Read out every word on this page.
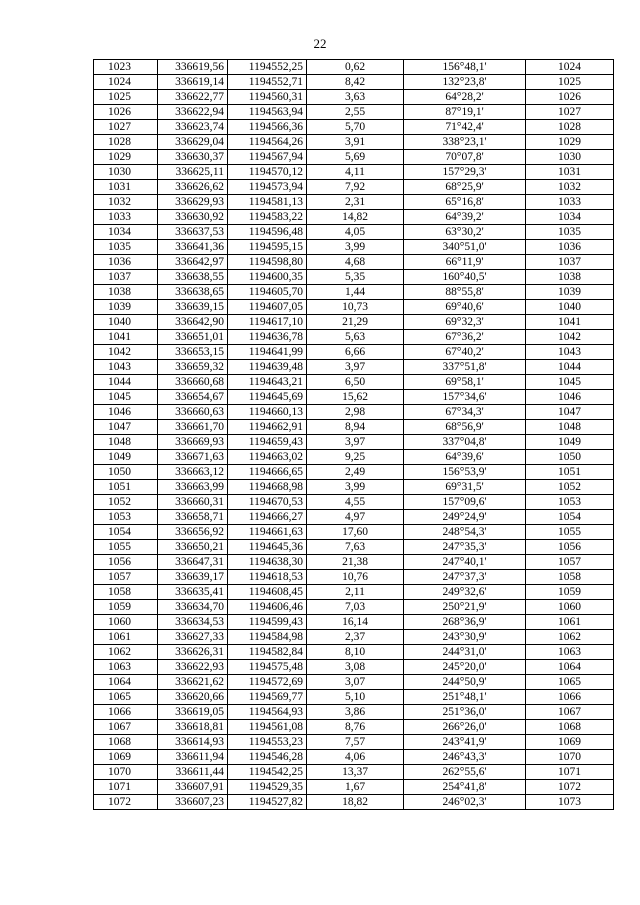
22
1023	336619,56	1194552,25	0,62	156°48,1'	1024
1024	336619,14	1194552,71	8,42	132°23,8'	1025
1025	336622,77	1194560,31	3,63	64°28,2'	1026
1026	336622,94	1194563,94	2,55	87°19,1'	1027
1027	336623,74	1194566,36	5,70	71°42,4'	1028
1028	336629,04	1194564,26	3,91	338°23,1'	1029
1029	336630,37	1194567,94	5,69	70°07,8'	1030
1030	336625,11	1194570,12	4,11	157°29,3'	1031
1031	336626,62	1194573,94	7,92	68°25,9'	1032
1032	336629,93	1194581,13	2,31	65°16,8'	1033
1033	336630,92	1194583,22	14,82	64°39,2'	1034
1034	336637,53	1194596,48	4,05	63°30,2'	1035
1035	336641,36	1194595,15	3,99	340°51,0'	1036
1036	336642,97	1194598,80	4,68	66°11,9'	1037
1037	336638,55	1194600,35	5,35	160°40,5'	1038
1038	336638,65	1194605,70	1,44	88°55,8'	1039
1039	336639,15	1194607,05	10,73	69°40,6'	1040
1040	336642,90	1194617,10	21,29	69°32,3'	1041
1041	336651,01	1194636,78	5,63	67°36,2'	1042
1042	336653,15	1194641,99	6,66	67°40,2'	1043
1043	336659,32	1194639,48	3,97	337°51,8'	1044
1044	336660,68	1194643,21	6,50	69°58,1'	1045
1045	336654,67	1194645,69	15,62	157°34,6'	1046
1046	336660,63	1194660,13	2,98	67°34,3'	1047
1047	336661,70	1194662,91	8,94	68°56,9'	1048
1048	336669,93	1194659,43	3,97	337°04,8'	1049
1049	336671,63	1194663,02	9,25	64°39,6'	1050
1050	336663,12	1194666,65	2,49	156°53,9'	1051
1051	336663,99	1194668,98	3,99	69°31,5'	1052
1052	336660,31	1194670,53	4,55	157°09,6'	1053
1053	336658,71	1194666,27	4,97	249°24,9'	1054
1054	336656,92	1194661,63	17,60	248°54,3'	1055
1055	336650,21	1194645,36	7,63	247°35,3'	1056
1056	336647,31	1194638,30	21,38	247°40,1'	1057
1057	336639,17	1194618,53	10,76	247°37,3'	1058
1058	336635,41	1194608,45	2,11	249°32,6'	1059
1059	336634,70	1194606,46	7,03	250°21,9'	1060
1060	336634,53	1194599,43	16,14	268°36,9'	1061
1061	336627,33	1194584,98	2,37	243°30,9'	1062
1062	336626,31	1194582,84	8,10	244°31,0'	1063
1063	336622,93	1194575,48	3,08	245°20,0'	1064
1064	336621,62	1194572,69	3,07	244°50,9'	1065
1065	336620,66	1194569,77	5,10	251°48,1'	1066
1066	336619,05	1194564,93	3,86	251°36,0'	1067
1067	336618,81	1194561,08	8,76	266°26,0'	1068
1068	336614,93	1194553,23	7,57	243°41,9'	1069
1069	336611,94	1194546,28	4,06	246°43,3'	1070
1070	336611,44	1194542,25	13,37	262°55,6'	1071
1071	336607,91	1194529,35	1,67	254°41,8'	1072
1072	336607,23	1194527,82	18,82	246°02,3'	1073
